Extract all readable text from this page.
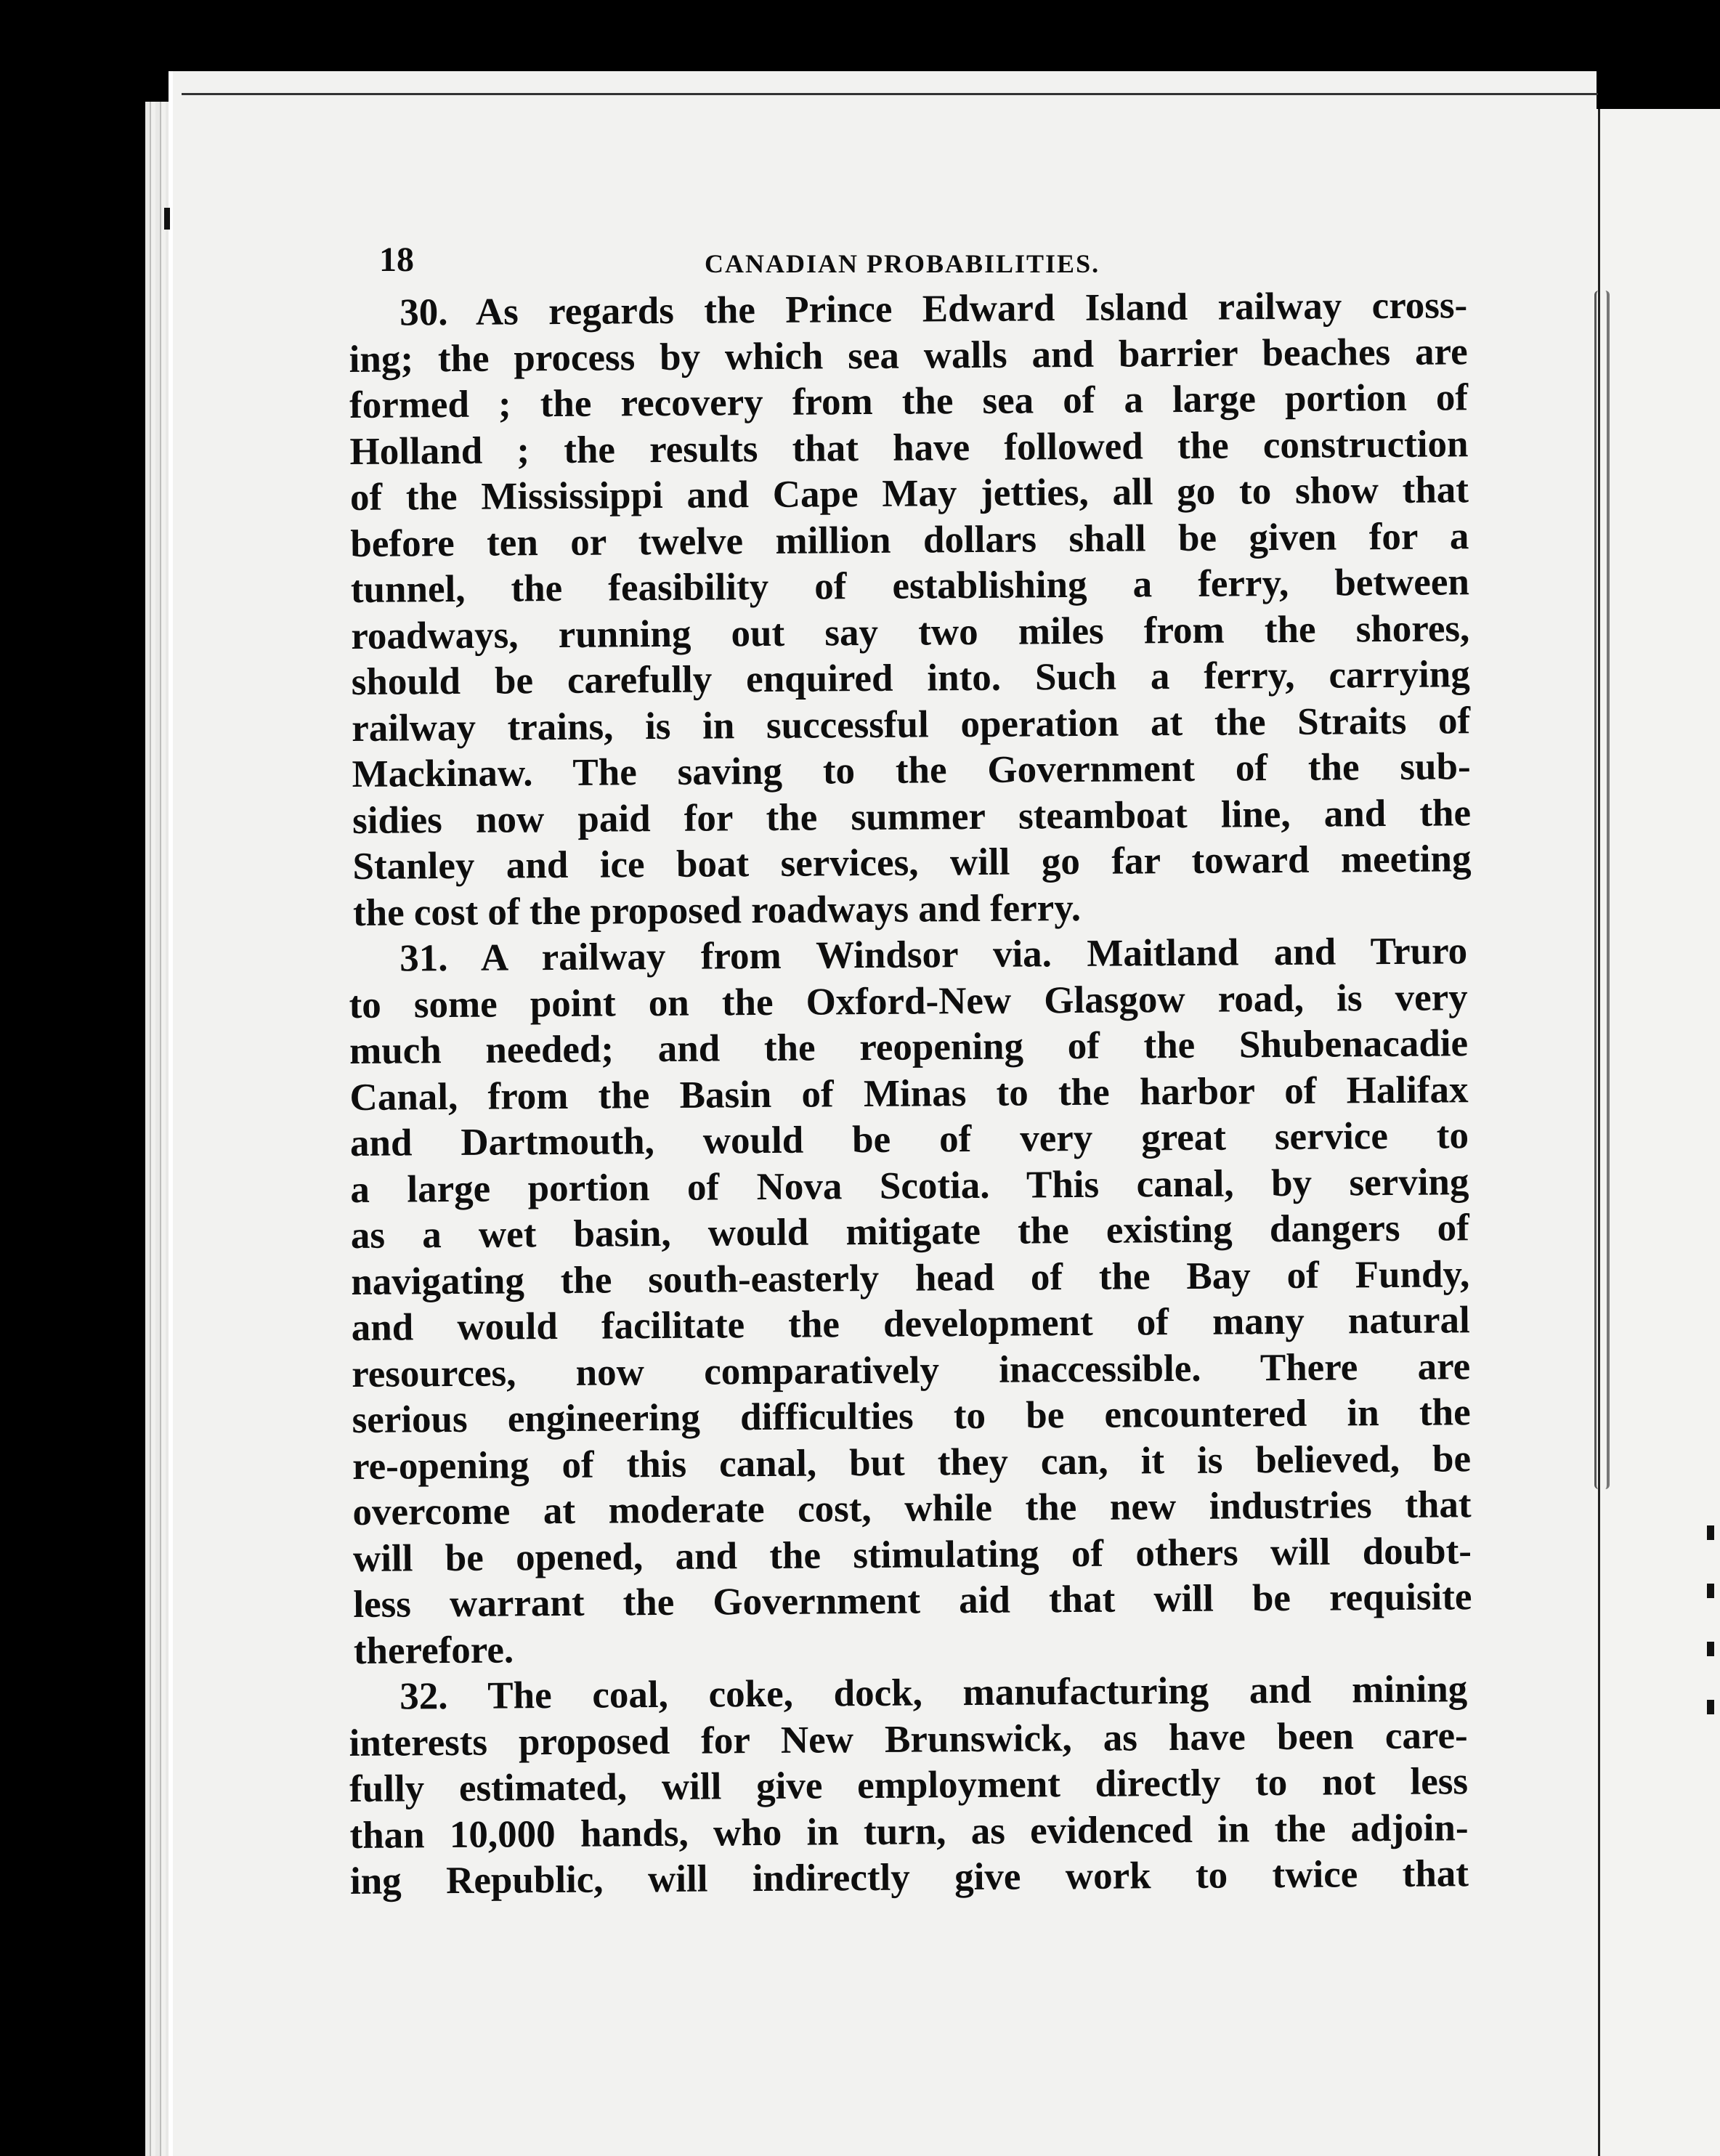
18	CANADIAN PROBABILITIES.

30. As regards the Prince Edward Island railway cross-
ing; the process by which sea walls and barrier beaches are
formed ; the recovery from the sea of a large portion of
Holland ; the results that have followed the construction
of the Mississippi and Cape May jetties, all go to show that
before ten or twelve million dollars shall be given for a
tunnel, the feasibility of establishing a ferry, between
roadways, running out say two miles from the shores,
should be carefully enquired into. Such a ferry, carrying
railway trains, is in successful operation at the Straits of
Mackinaw. The saving to the Government of the sub-
sidies now paid for the summer steamboat line, and the
Stanley and ice boat services, will go far toward meeting
the cost of the proposed roadways and ferry.

31. A railway from Windsor via. Maitland and Truro
to some point on the Oxford-New Glasgow road, is very
much needed; and the reopening of the Shubenacadie
Canal, from the Basin of Minas to the harbor of Halifax
and Dartmouth, would be of very great service to
a large portion of Nova Scotia. This canal, by serving
as a wet basin, would mitigate the existing dangers of
navigating the south-easterly head of the Bay of Fundy,
and would facilitate the development of many natural
resources, now comparatively inaccessible. There are
serious engineering difficulties to be encountered in the
re-opening of this canal, but they can, it is believed, be
overcome at moderate cost, while the new industries that
will be opened, and the stimulating of others will doubt-
less warrant the Government aid that will be requisite
therefore.

32. The coal, coke, dock, manufacturing and mining
interests proposed for New Brunswick, as have been care-
fully estimated, will give employment directly to not less
than 10,000 hands, who in turn, as evidenced in the adjoin-
ing Republic, will indirectly give work to twice that
